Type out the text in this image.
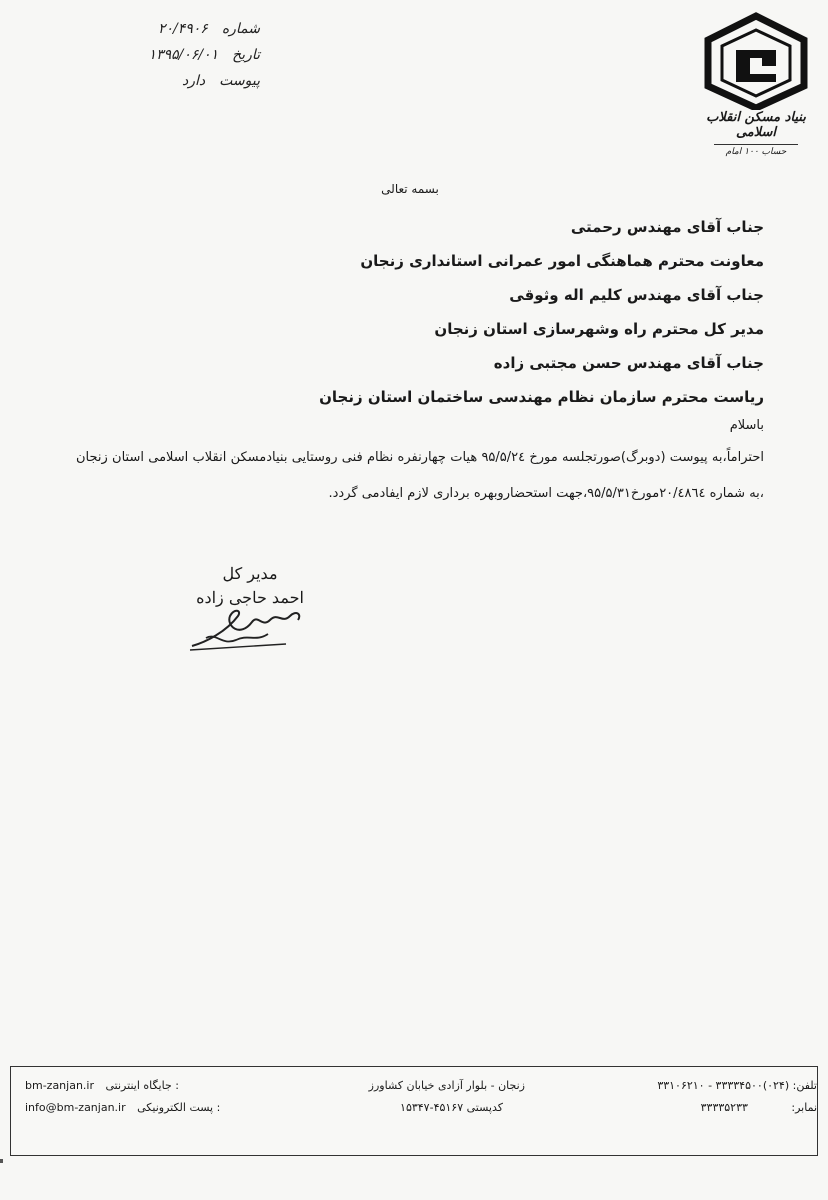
شماره
۲۰/۴۹۰۶
تاریخ
۱۳۹۵/۰۶/۰۱
پیوست
دارد
بنیاد مسکن انقلاب اسلامی
حساب ۱۰۰ امام
بسمه تعالی
جناب آقای مهندس رحمتی
معاونت محترم هماهنگی امور عمرانی استانداری زنجان
جناب آقای مهندس کلیم اله وثوقی
مدیر کل محترم راه وشهرسازی استان زنجان
جناب آقای مهندس حسن مجتبی زاده
ریاست محترم سازمان نظام مهندسی ساختمان استان زنجان
باسلام
احتراماً،به پیوست (دوبرگ)صورتجلسه مورخ ۹۵/۵/۲٤ هیات چهارنفره نظام فنی روستایی بنیادمسکن انقلاب اسلامی استان زنجان ،به شماره ۲۰/٤۸٦٤مورخ۹۵/۵/۳۱،جهت استحضاروبهره برداری لازم ایفادمی گردد.
مدیر کل
احمد حاجی زاده
bm-zanjan.ir جایگاه اینترنتی :
info@bm-zanjan.ir پست الکترونیکی :
زنجان - بلوار آزادی خیابان کشاورز
کدپستی ۴۵۱۶۷-۱۵۳۴۷
تلفن: (۰۲۴)۳۳۳۳۴۵۰۰ - ۳۳۱۰۶۲۱۰
نمابر: ۳۳۳۳۵۲۳۳
